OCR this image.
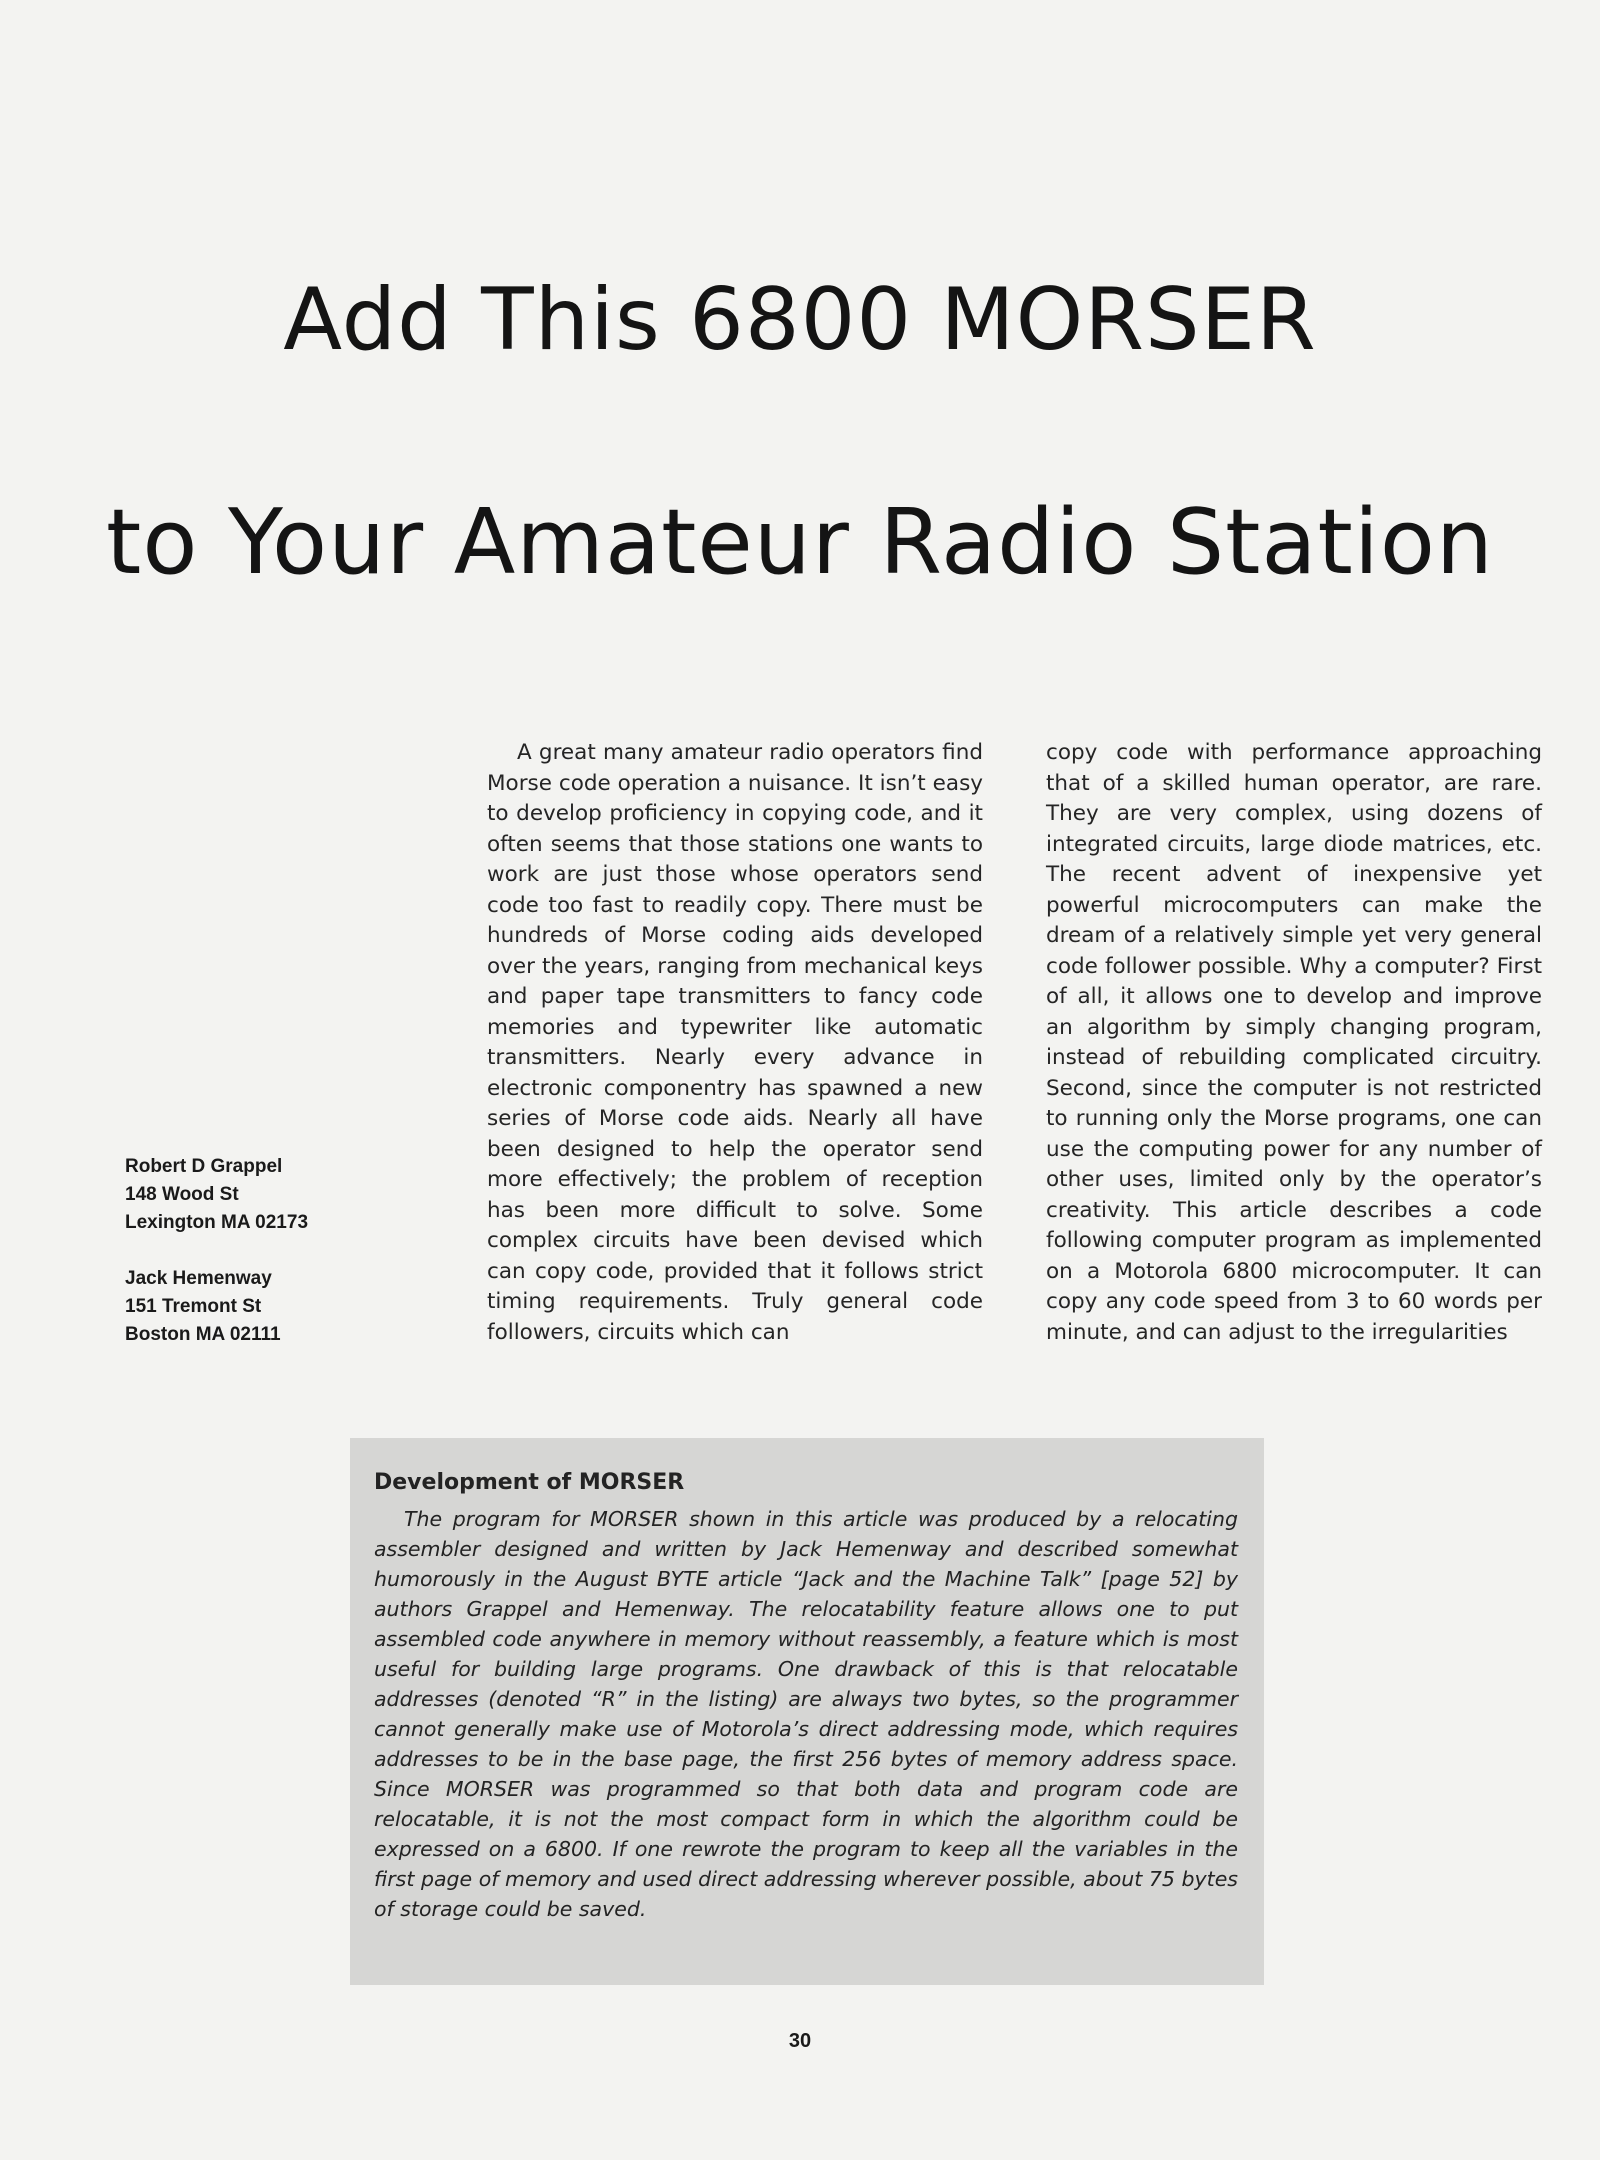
Add This 6800 MORSER
to Your Amateur Radio Station
Robert D Grappel
148 Wood St
Lexington MA 02173
Jack Hemenway
151 Tremont St
Boston MA 02111

A great many amateur radio operators find Morse code operation a nuisance. It isn’t easy to develop proficiency in copying code, and it often seems that those stations one wants to work are just those whose operators send code too fast to readily copy. There must be hundreds of Morse coding aids developed over the years, ranging from mechanical keys and paper tape transmitters to fancy code memories and typewriter like automatic transmitters. Nearly every advance in electronic componentry has spawned a new series of Morse code aids. Nearly all have been designed to help the operator send more effectively; the problem of reception has been more difficult to solve. Some complex circuits have been devised which can copy code, provided that it follows strict timing requirements. Truly general code followers, circuits which can

copy code with performance approaching that of a skilled human operator, are rare. They are very complex, using dozens of integrated circuits, large diode matrices, etc. The recent advent of inexpensive yet powerful microcomputers can make the dream of a relatively simple yet very general code follower possible. Why a computer? First of all, it allows one to develop and improve an algorithm by simply changing program, instead of rebuilding complicated circuitry. Second, since the computer is not restricted to running only the Morse programs, one can use the computing power for any number of other uses, limited only by the operator’s creativity. This article describes a code following computer program as implemented on a Motorola 6800 microcomputer. It can copy any code speed from 3 to 60 words per minute, and can adjust to the irregularities

Development of MORSER

The program for MORSER shown in this article was produced by a relocating assembler designed and written by Jack Hemenway and described somewhat humorously in the August BYTE article “Jack and the Machine Talk” [page 52] by authors Grappel and Hemenway. The relocatability feature allows one to put assembled code anywhere in memory without reassembly, a feature which is most useful for building large programs. One drawback of this is that relocatable addresses (denoted “R” in the listing) are always two bytes, so the programmer cannot generally make use of Motorola’s direct addressing mode, which requires addresses to be in the base page, the first 256 bytes of memory address space. Since MORSER was programmed so that both data and program code are relocatable, it is not the most compact form in which the algorithm could be expressed on a 6800. If one rewrote the program to keep all the variables in the first page of memory and used direct addressing wherever possible, about 75 bytes of storage could be saved.

30
